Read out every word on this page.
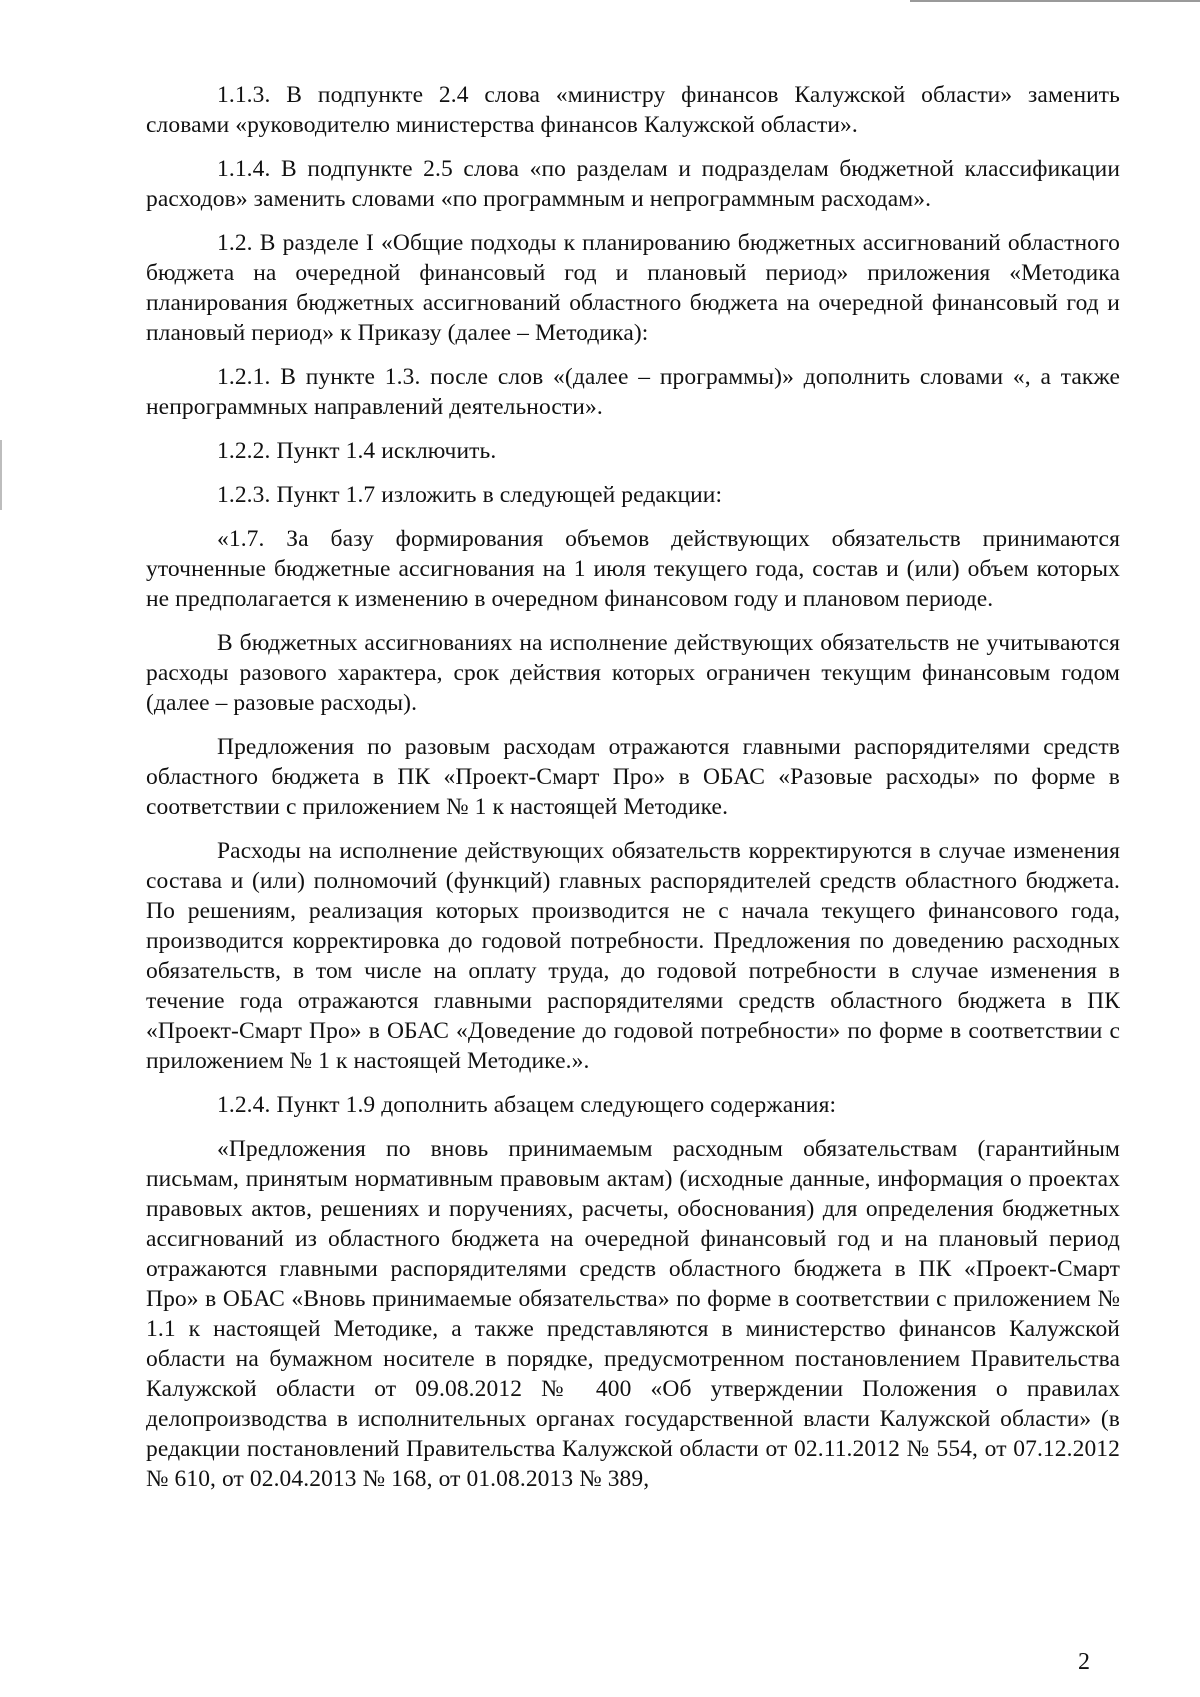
1.1.3. В подпункте 2.4 слова «министру финансов Калужской области» заменить словами «руководителю министерства финансов Калужской области».

1.1.4. В подпункте 2.5 слова «по разделам и подразделам бюджетной классификации расходов» заменить словами «по программным и непрограммным расходам».

1.2. В разделе I «Общие подходы к планированию бюджетных ассигнований областного бюджета на очередной финансовый год и плановый период» приложения «Методика планирования бюджетных ассигнований областного бюджета на очередной финансовый год и плановый период» к Приказу (далее – Методика):

1.2.1. В пункте 1.3. после слов «(далее – программы)» дополнить словами «, а также непрограммных направлений деятельности».

1.2.2. Пункт 1.4 исключить.

1.2.3. Пункт 1.7 изложить в следующей редакции:

«1.7. За базу формирования объемов действующих обязательств принимаются уточненные бюджетные ассигнования на 1 июля текущего года, состав и (или) объем которых не предполагается к изменению в очередном финансовом году и плановом периоде.

В бюджетных ассигнованиях на исполнение действующих обязательств не учитываются расходы разового характера, срок действия которых ограничен текущим финансовым годом (далее – разовые расходы).

Предложения по разовым расходам отражаются главными распорядителями средств областного бюджета в ПК «Проект-Смарт Про» в ОБАС «Разовые расходы» по форме в соответствии с приложением № 1 к настоящей Методике.

Расходы на исполнение действующих обязательств корректируются в случае изменения состава и (или) полномочий (функций) главных распорядителей средств областного бюджета. По решениям, реализация которых производится не с начала текущего финансового года, производится корректировка до годовой потребности. Предложения по доведению расходных обязательств, в том числе на оплату труда, до годовой потребности в случае изменения в течение года отражаются главными распорядителями средств областного бюджета в ПК «Проект-Смарт Про» в ОБАС «Доведение до годовой потребности» по форме в соответствии с приложением № 1 к настоящей Методике.».

1.2.4. Пункт 1.9 дополнить абзацем следующего содержания:

«Предложения по вновь принимаемым расходным обязательствам (гарантийным письмам, принятым нормативным правовым актам) (исходные данные, информация о проектах правовых актов, решениях и поручениях, расчеты, обоснования) для определения бюджетных ассигнований из областного бюджета на очередной финансовый год и на плановый период отражаются главными распорядителями средств областного бюджета в ПК «Проект-Смарт Про» в ОБАС «Вновь принимаемые обязательства» по форме в соответствии с приложением № 1.1 к настоящей Методике, а также представляются в министерство финансов Калужской области на бумажном носителе в порядке, предусмотренном постановлением Правительства Калужской области от 09.08.2012 № 400 «Об утверждении Положения о правилах делопроизводства в исполнительных органах государственной власти Калужской области» (в редакции постановлений Правительства Калужской области от 02.11.2012 № 554, от 07.12.2012 № 610, от 02.04.2013 № 168, от 01.08.2013 № 389,

2
